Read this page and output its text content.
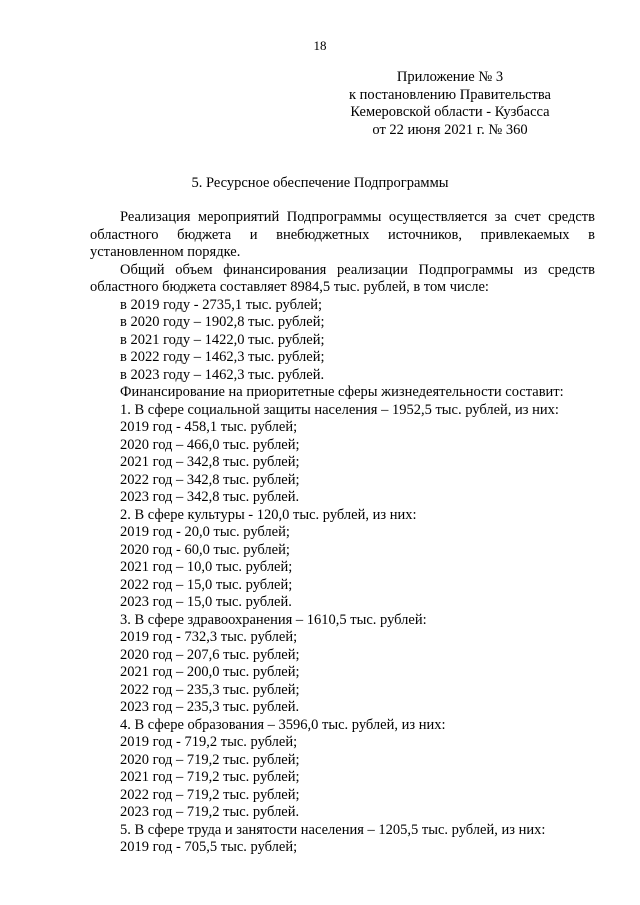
18
Приложение № 3
к постановлению Правительства
Кемеровской области - Кузбасса
от 22 июня 2021 г. № 360
5. Ресурсное обеспечение Подпрограммы
Реализация мероприятий Подпрограммы осуществляется за счет средств областного бюджета и внебюджетных источников, привлекаемых в установленном порядке.
Общий объем финансирования реализации Подпрограммы из средств областного бюджета составляет 8984,5 тыс. рублей, в том числе:
в 2019 году - 2735,1 тыс. рублей;
в 2020 году – 1902,8 тыс. рублей;
в 2021 году – 1422,0 тыс. рублей;
в 2022 году – 1462,3 тыс. рублей;
в 2023 году – 1462,3 тыс. рублей.
Финансирование на приоритетные сферы жизнедеятельности составит:
1. В сфере социальной защиты населения – 1952,5 тыс. рублей, из них:
2019 год - 458,1 тыс. рублей;
2020 год – 466,0 тыс. рублей;
2021 год – 342,8 тыс. рублей;
2022 год – 342,8 тыс. рублей;
2023 год – 342,8 тыс. рублей.
2. В сфере культуры - 120,0 тыс. рублей, из них:
2019 год - 20,0 тыс. рублей;
2020 год - 60,0 тыс. рублей;
2021 год – 10,0 тыс. рублей;
2022 год – 15,0 тыс. рублей;
2023 год – 15,0 тыс. рублей.
3. В сфере здравоохранения – 1610,5 тыс. рублей:
2019 год - 732,3 тыс. рублей;
2020 год – 207,6 тыс. рублей;
2021 год – 200,0 тыс. рублей;
2022 год – 235,3 тыс. рублей;
2023 год – 235,3 тыс. рублей.
4. В сфере образования – 3596,0 тыс. рублей, из них:
2019 год - 719,2 тыс. рублей;
2020 год – 719,2 тыс. рублей;
2021 год – 719,2 тыс. рублей;
2022 год – 719,2 тыс. рублей;
2023 год – 719,2 тыс. рублей.
5. В сфере труда и занятости населения – 1205,5 тыс. рублей, из них:
2019 год - 705,5 тыс. рублей;
